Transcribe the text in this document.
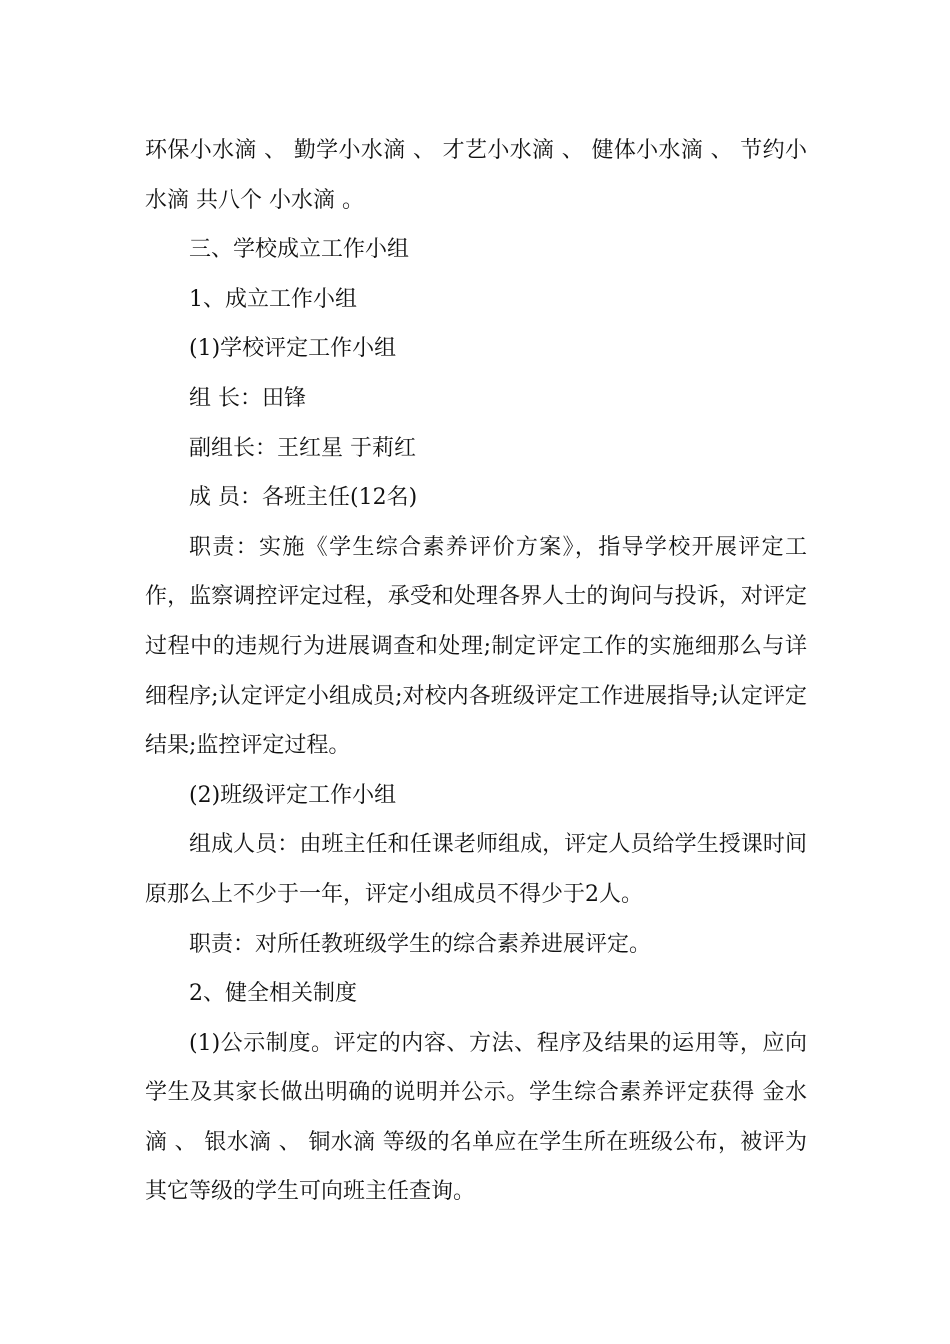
环保小水滴 、 勤学小水滴 、 才艺小水滴 、 健体小水滴 、 节约小水滴 共八个 小水滴 。

三、学校成立工作小组

1、成立工作小组

(1)学校评定工作小组

组 长：田锋

副组长：王红星 于莉红

成 员：各班主任(12名)

职责：实施《学生综合素养评价方案》，指导学校开展评定工作，监察调控评定过程，承受和处理各界人士的询问与投诉，对评定过程中的违规行为进展调查和处理;制定评定工作的实施细那么与详细程序;认定评定小组成员;对校内各班级评定工作进展指导;认定评定结果;监控评定过程。

(2)班级评定工作小组

组成人员：由班主任和任课老师组成，评定人员给学生授课时间原那么上不少于一年，评定小组成员不得少于2人。

职责：对所任教班级学生的综合素养进展评定。

2、健全相关制度

(1)公示制度。评定的内容、方法、程序及结果的运用等，应向学生及其家长做出明确的说明并公示。学生综合素养评定获得 金水滴 、 银水滴 、 铜水滴 等级的名单应在学生所在班级公布，被评为其它等级的学生可向班主任查询。
